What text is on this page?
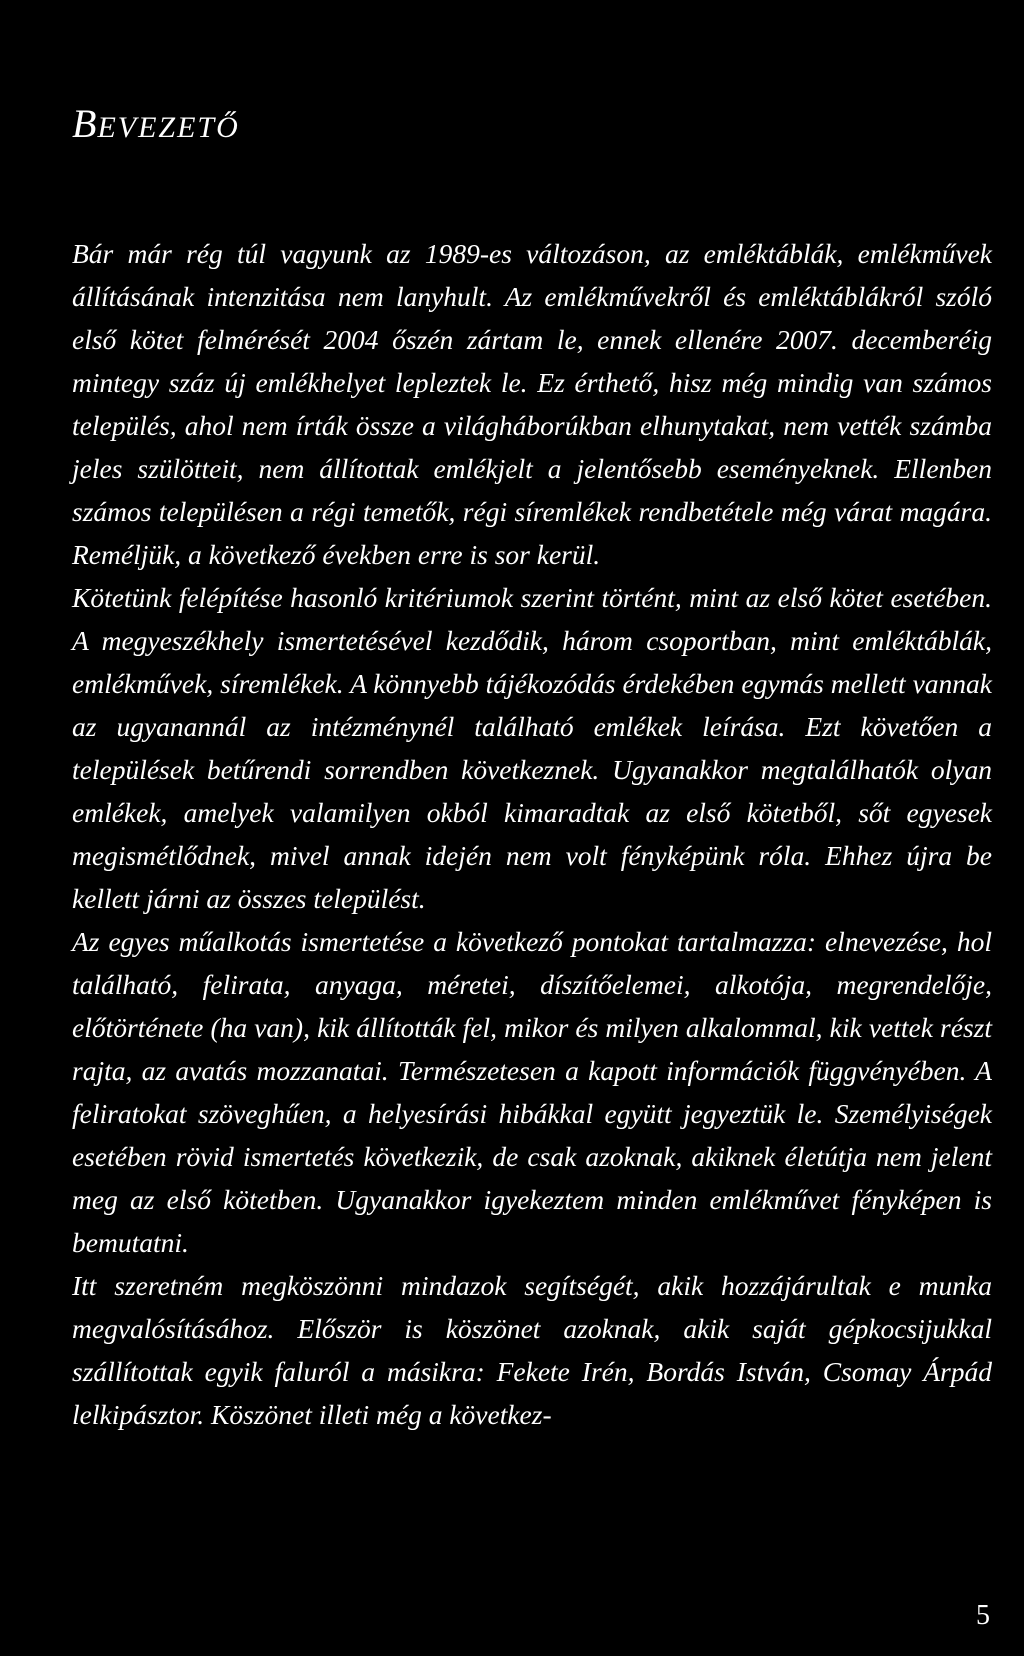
BEVEZETŐ

Bár már rég túl vagyunk az 1989-es változáson, az emléktáblák, emlékművek állításának intenzitása nem lanyhult. Az emlékművekről és emléktáblákról szóló első kötet felmérését 2004 őszén zártam le, ennek ellenére 2007. decemberéig mintegy száz új emlékhelyet lepleztek le. Ez érthető, hisz még mindig van számos település, ahol nem írták össze a világháborúkban elhunytakat, nem vették számba jeles szülötteit, nem állítottak emlékjelt a jelentősebb eseményeknek. Ellenben számos településen a régi temetők, régi síremlékek rendbetétele még várat magára. Reméljük, a következő években erre is sor kerül.

Kötetünk felépítése hasonló kritériumok szerint történt, mint az első kötet esetében. A megyeszékhely ismertetésével kezdődik, három csoportban, mint emléktáblák, emlékművek, síremlékek. A könnyebb tájékozódás érdekében egymás mellett vannak az ugyanannál az intézménynél található emlékek leírása. Ezt követően a települések betűrendi sorrendben következnek. Ugyanakkor megtalálhatók olyan emlékek, amelyek valamilyen okból kimaradtak az első kötetből, sőt egyesek megismétlődnek, mivel annak idején nem volt fényképünk róla. Ehhez újra be kellett járni az összes települést.

Az egyes műalkotás ismertetése a következő pontokat tartalmazza: elnevezése, hol található, felirata, anyaga, méretei, díszítőelemei, alkotója, megrendelője, előtörténete (ha van), kik állították fel, mikor és milyen alkalommal, kik vettek részt rajta, az avatás mozzanatai. Természetesen a kapott információk függvényében. A feliratokat szöveghűen, a helyesírási hibákkal együtt jegyeztük le. Személyiségek esetében rövid ismertetés következik, de csak azoknak, akiknek életútja nem jelent meg az első kötetben. Ugyanakkor igyekeztem minden emlékművet fényképen is bemutatni.

Itt szeretném megköszönni mindazok segítségét, akik hozzájárultak e munka megvalósításához. Először is köszönet azoknak, akik saját gépkocsijukkal szállítottak egyik faluról a másikra: Fekete Irén, Bordás István, Csomay Árpád lelkipásztor. Köszönet illeti még a következ-

5
